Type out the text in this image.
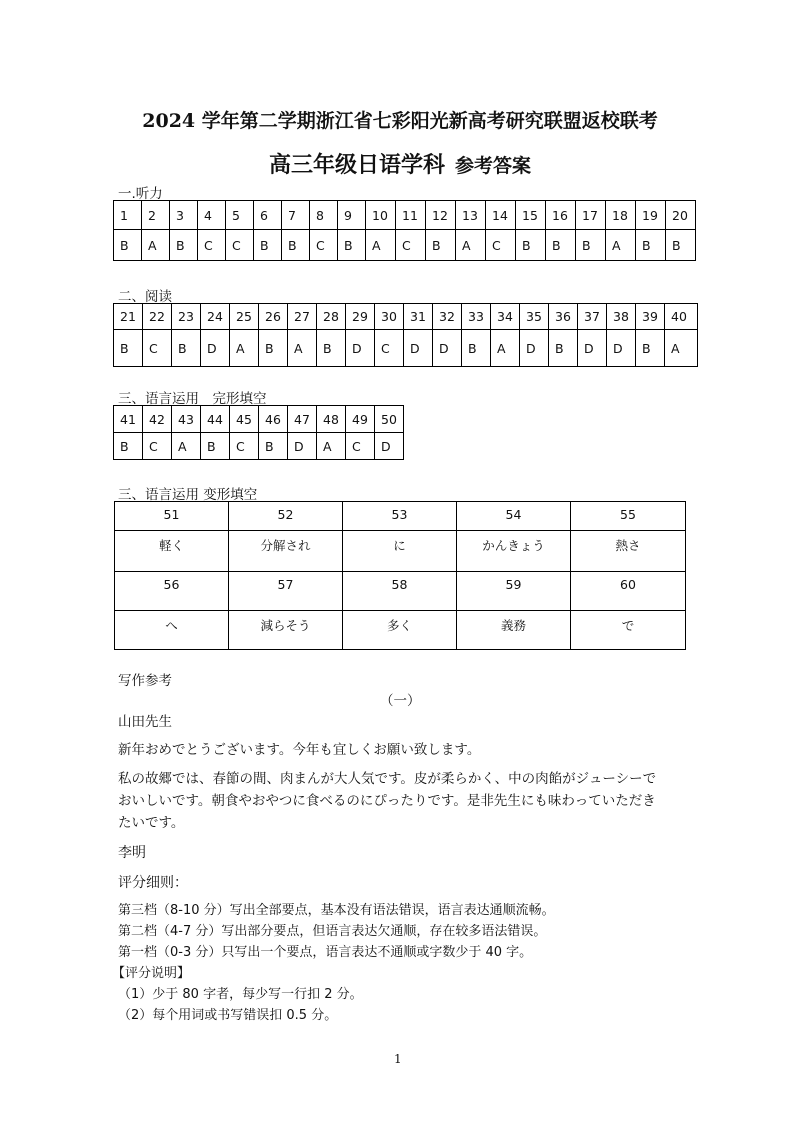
2024 学年第二学期浙江省七彩阳光新高考研究联盟返校联考
高三年级日语学科 参考答案
一.听力
1	2	3	4	5	6	7	8	9	10	11	12	13	14	15	16	17	18	19	20
B	A	B	C	C	B	B	C	B	A	C	B	A	C	B	B	B	A	B	B
二、阅读
21	22	23	24	25	26	27	28	29	30	31	32	33	34	35	36	37	38	39	40
B	C	B	D	A	B	A	B	D	C	D	D	B	A	D	B	D	D	B	A
三、语言运用　完形填空
41	42	43	44	45	46	47	48	49	50
B	C	A	B	C	B	D	A	C	D
三、语言运用 变形填空
51	52	53	54	55
軽く	分解され	に	かんきょう	熱さ
56	57	58	59	60
へ	減らそう	多く	義務	で
写作参考
（一）
山田先生
新年おめでとうございます。今年も宜しくお願い致します。
私の故郷では、春節の間、肉まんが大人気です。皮が柔らかく、中の肉餡がジューシーで
おいしいです。朝食やおやつに食べるのにぴったりです。是非先生にも味わっていただき
たいです。
李明
评分细则：
第三档（8-10 分）写出全部要点，基本没有语法错误，语言表达通顺流畅。
第二档（4-7 分）写出部分要点，但语言表达欠通顺，存在较多语法错误。
第一档（0-3 分）只写出一个要点，语言表达不通顺或字数少于 40 字。
【评分说明】
（1）少于 80 字者，每少写一行扣 2 分。
（2）每个用词或书写错误扣 0.5 分。
1
